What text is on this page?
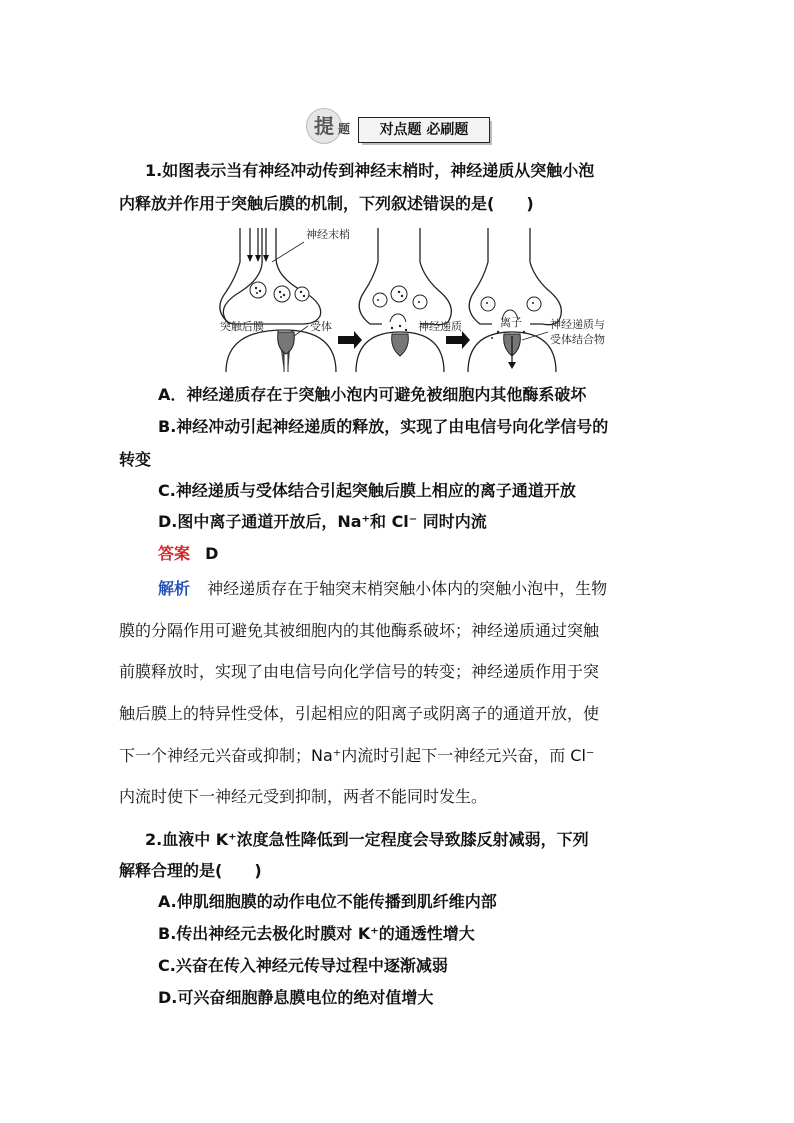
提 题	对点题 必刷题
1.如图表示当有神经冲动传到神经末梢时，神经递质从突触小泡
内释放并作用于突触后膜的机制，下列叙述错误的是(　　)
神经末梢
突触后膜	受体	神经递质	离子	神经递质与
受体结合物
A．神经递质存在于突触小泡内可避免被细胞内其他酶系破坏
B.神经冲动引起神经递质的释放，实现了由电信号向化学信号的
转变
C.神经递质与受体结合引起突触后膜上相应的离子通道开放
D.图中离子通道开放后，Na⁺和 Cl⁻ 同时内流
答案 D
解析 神经递质存在于轴突末梢突触小体内的突触小泡中，生物
膜的分隔作用可避免其被细胞内的其他酶系破坏；神经递质通过突触
前膜释放时，实现了由电信号向化学信号的转变；神经递质作用于突
触后膜上的特异性受体，引起相应的阳离子或阴离子的通道开放，使
下一个神经元兴奋或抑制；Na⁺内流时引起下一神经元兴奋，而 Cl⁻
内流时使下一神经元受到抑制，两者不能同时发生。
2.血液中 K⁺浓度急性降低到一定程度会导致膝反射减弱，下列
解释合理的是(　　)
A.伸肌细胞膜的动作电位不能传播到肌纤维内部
B.传出神经元去极化时膜对 K⁺的通透性增大
C.兴奋在传入神经元传导过程中逐渐减弱
D.可兴奋细胞静息膜电位的绝对值增大
